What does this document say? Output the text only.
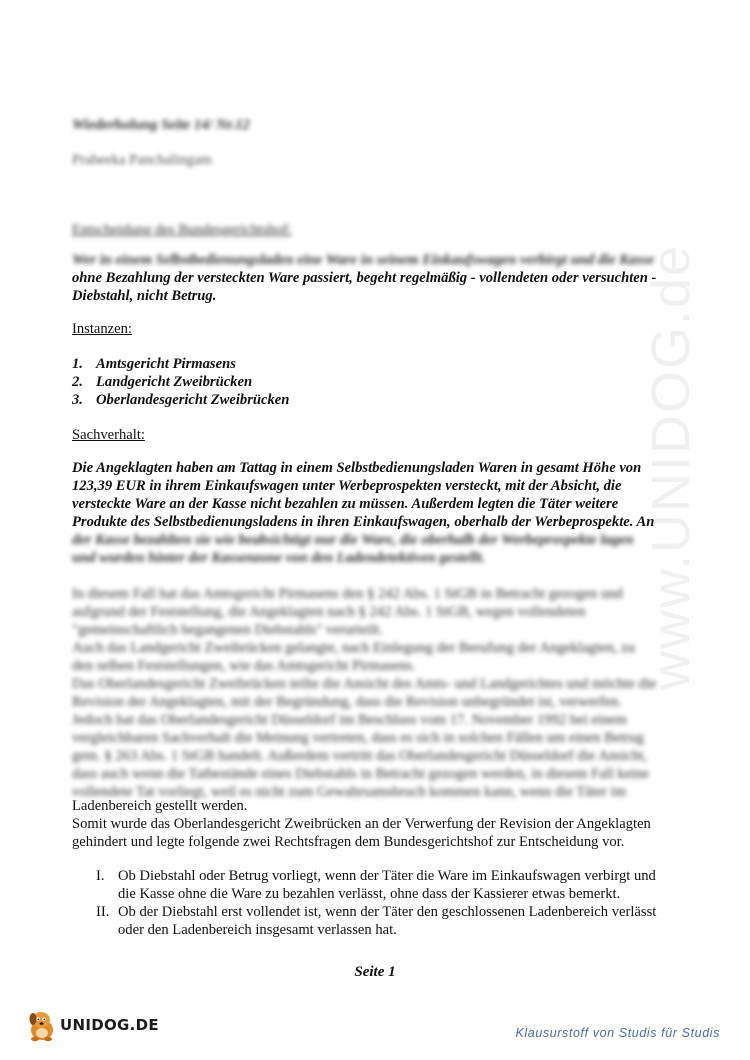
www.UNIDOG.de
Wiederholung Seite 14/ Nr.12
Prabeeka Panchalingam
Entscheidung des Bundesgerichtshof:
Wer in einem Selbstbedienungsladen eine Ware in seinem Einkaufswagen verbirgt und die Kasse
ohne Bezahlung der versteckten Ware passiert, begeht regelmäßig - vollendeten oder versuchten -
Diebstahl, nicht Betrug.
Instanzen:
1. Amtsgericht Pirmasens
2. Landgericht Zweibrücken
3. Oberlandesgericht Zweibrücken
Sachverhalt:
Die Angeklagten haben am Tattag in einem Selbstbedienungsladen Waren in gesamt Höhe von
123,39 EUR in ihrem Einkaufswagen unter Werbeprospekten versteckt, mit der Absicht, die
versteckte Ware an der Kasse nicht bezahlen zu müssen. Außerdem legten die Täter weitere
Produkte des Selbstbedienungsladens in ihren Einkaufswagen, oberhalb der Werbeprospekte. An
der Kasse bezahlten sie wie beabsichtigt nur die Ware, die oberhalb der Werbeprospekte lagen
und wurden hinter der Kassenzone von den Ladendetektiven gestellt.
In diesem Fall hat das Amtsgericht Pirmasens den § 242 Abs. 1 StGB in Betracht gezogen und
aufgrund der Feststellung, die Angeklagten nach § 242 Abs. 1 StGB, wegen vollendeten
"gemeinschaftlich begangenen Diebstahls" verurteilt.
Auch das Landgericht Zweibrücken gelangte, nach Einlegung der Berufung der Angeklagten, zu
den selben Feststellungen, wie das Amtsgericht Pirmasens.
Das Oberlandesgericht Zweibrücken teilte die Ansicht des Amts- und Landgerichtes und möchte die
Revision der Angeklagten, mit der Begründung, dass die Revision unbegründet ist, verwerfen.
Jedoch hat das Oberlandesgericht Düsseldorf im Beschluss vom 17. November 1992 bei einem
vergleichbaren Sachverhalt die Meinung vertreten, dass es sich in solchen Fällen um einen Betrug
gem. § 263 Abs. 1 StGB handelt. Außerdem vertritt das Oberlandesgericht Düsseldorf die Ansicht,
dass auch wenn die Tatbestände eines Diebstahls in Betracht gezogen werden, in diesem Fall keine
vollendete Tat vorliegt, weil es nicht zum Gewahrsamsbruch kommen kann, wenn die Täter im
Ladenbereich gestellt werden.
Somit wurde das Oberlandesgericht Zweibrücken an der Verwerfung der Revision der Angeklagten
gehindert und legte folgende zwei Rechtsfragen dem Bundesgerichtshof zur Entscheidung vor.
I. Ob Diebstahl oder Betrug vorliegt, wenn der Täter die Ware im Einkaufswagen verbirgt und
die Kasse ohne die Ware zu bezahlen verlässt, ohne dass der Kassierer etwas bemerkt.
II. Ob der Diebstahl erst vollendet ist, wenn der Täter den geschlossenen Ladenbereich verlässt
oder den Ladenbereich insgesamt verlassen hat.
Seite 1
UNIDOG.DE	Klausurstoff von Studis für Studis
